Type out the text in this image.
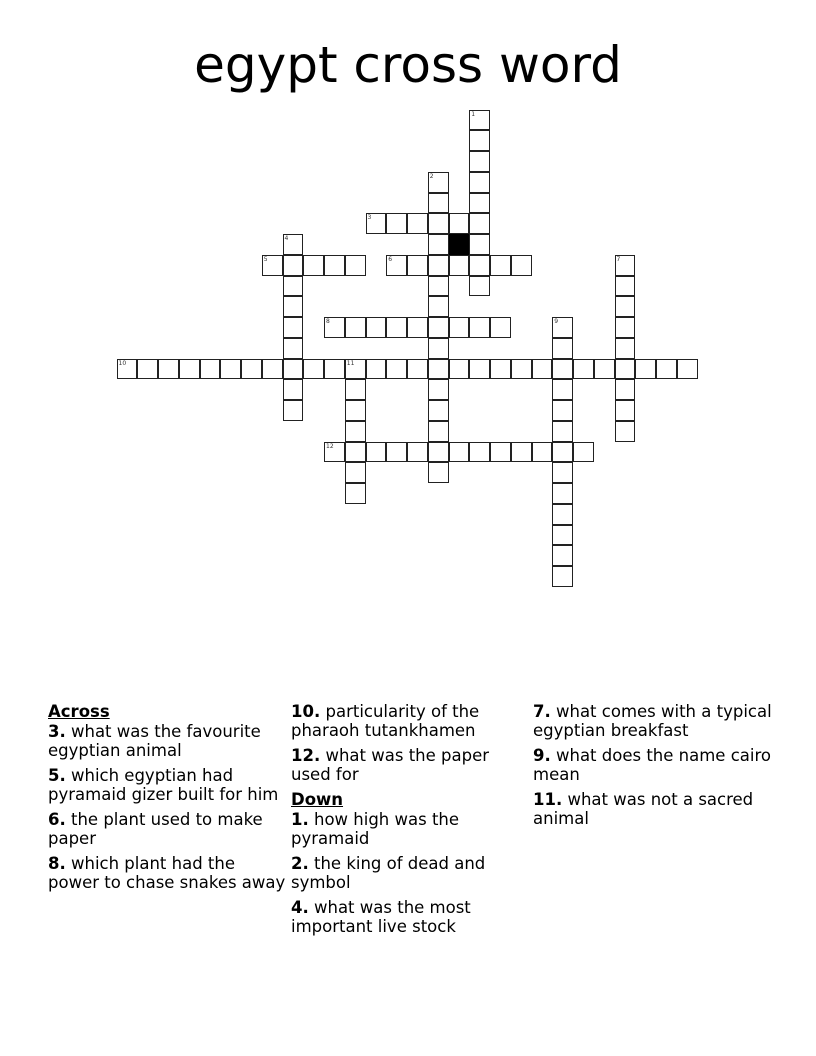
egypt cross word
1
2
3
4
5	6	7
8	9
10	11
12
Across
3. what was the favourite egyptian animal
5. which egyptian had pyramaid gizer built for him
6. the plant used to make paper
8. which plant had the power to chase snakes away
10. particularity of the pharaoh tutankhamen
12. what was the paper used for
Down
1. how high was the pyramaid
2. the king of dead and symbol
4. what was the most important live stock
7. what comes with a typical egyptian breakfast
9. what does the name cairo mean
11. what was not a sacred animal
